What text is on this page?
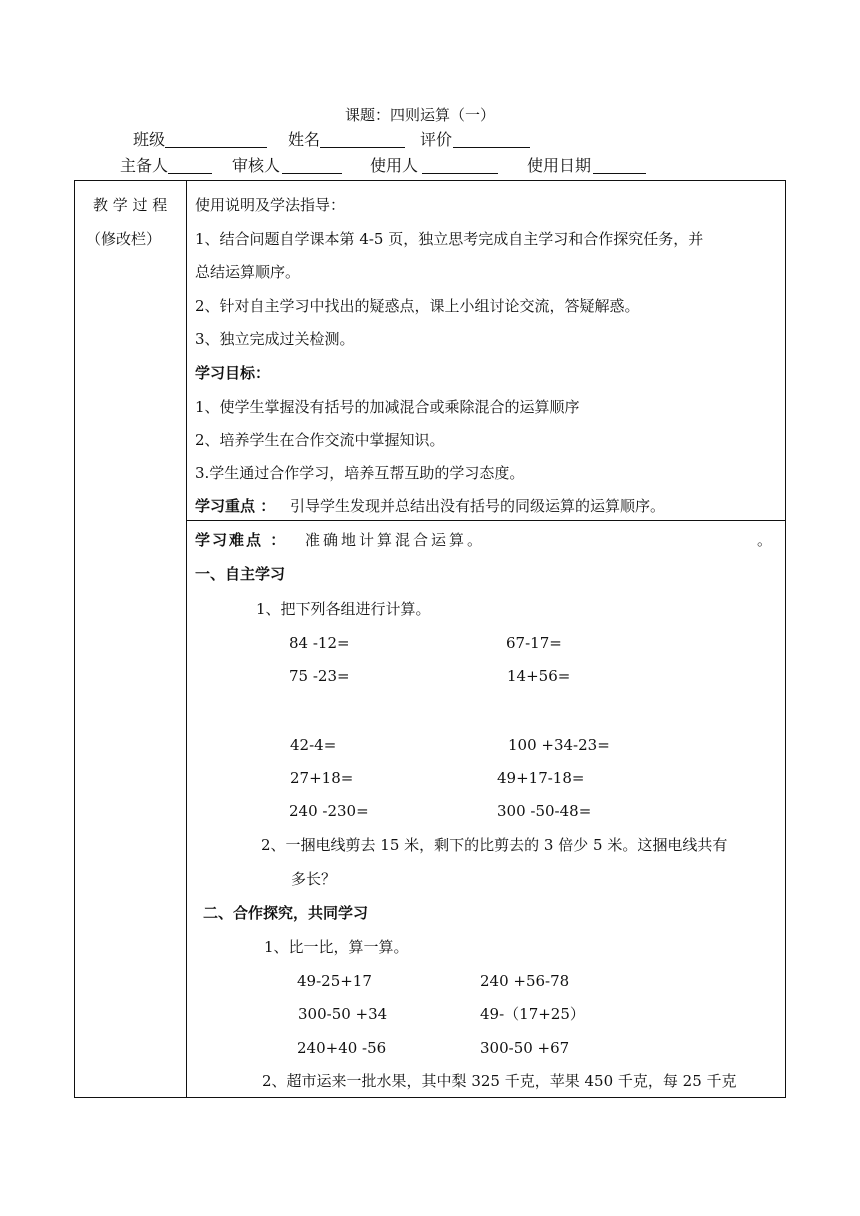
课题：四则运算（一）
班级	姓名	评价
主备人	审核人	使用人	使用日期
教 学 过 程
（修改栏）
使用说明及学法指导：
1、结合问题自学课本第 4-5 页，独立思考完成自主学习和合作探究任务，并
总结运算顺序。
2、针对自主学习中找出的疑惑点，课上小组讨论交流，答疑解惑。
3、独立完成过关检测。
学习目标：
1、使学生掌握没有括号的加减混合或乘除混合的运算顺序
2、培养学生在合作交流中掌握知识。
3.学生通过合作学习，培养互帮互助的学习态度。
学习重点 ： 引导学生发现并总结出没有括号的同级运算的运算顺序。
学习难点 ： 准确地计算混合运算。	。
一、自主学习
1、把下列各组进行计算。
84 -12=	67-17=
75 -23=	14+56=
42-4=	100 +34-23=
27+18=	49+17-18=
240 -230=	300 -50-48=
2、一捆电线剪去 15 米，剩下的比剪去的 3 倍少 5 米。这捆电线共有
多长？
二、合作探究，共同学习
1、比一比，算一算。
49-25+17	240 +56-78
300-50 +34	49-（17+25）
240+40 -56	300-50 +67
2、超市运来一批水果，其中梨 325 千克，苹果 450 千克，每 25 千克
